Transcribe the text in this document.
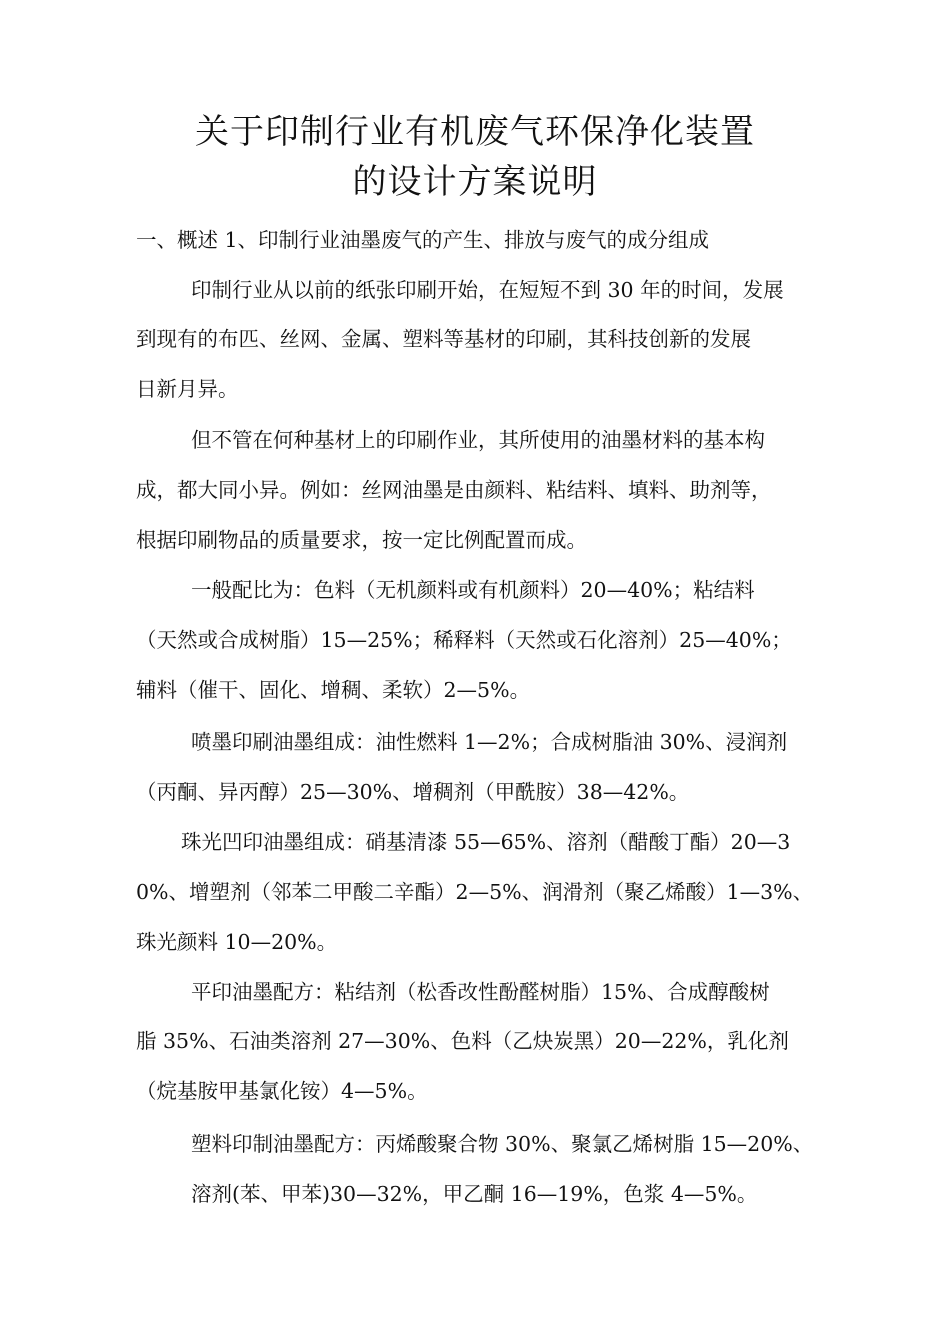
关于印制行业有机废气环保净化装置
的设计方案说明
一、概述 1、印制行业油墨废气的产生、排放与废气的成分组成
印制行业从以前的纸张印刷开始，在短短不到 30 年的时间，发展
到现有的布匹、丝网、金属、塑料等基材的印刷，其科技创新的发展
日新月异。
但不管在何种基材上的印刷作业，其所使用的油墨材料的基本构
成，都大同小异。例如：丝网油墨是由颜料、粘结料、填料、助剂等，
根据印刷物品的质量要求，按一定比例配置而成。
一般配比为：色料（无机颜料或有机颜料）20—40%；粘结料
（天然或合成树脂）15—25%；稀释料（天然或石化溶剂）25—40%；
辅料（催干、固化、增稠、柔软）2—5%。
喷墨印刷油墨组成：油性燃料 1—2%；合成树脂油 30%、浸润剂
（丙酮、异丙醇）25—30%、增稠剂（甲酰胺）38—42%。
珠光凹印油墨组成：硝基清漆 55—65%、溶剂（醋酸丁酯）20—3
0%、增塑剂（邻苯二甲酸二辛酯）2—5%、润滑剂（聚乙烯酸）1—3%、
珠光颜料 10—20%。
平印油墨配方：粘结剂（松香改性酚醛树脂）15%、合成醇酸树
脂 35%、石油类溶剂 27—30%、色料（乙炔炭黑）20—22%，乳化剂
（烷基胺甲基氯化铵）4—5%。
塑料印制油墨配方：丙烯酸聚合物 30%、聚氯乙烯树脂 15—20%、
溶剂(苯、甲苯)30—32%，甲乙酮 16—19%，色浆 4—5%。
